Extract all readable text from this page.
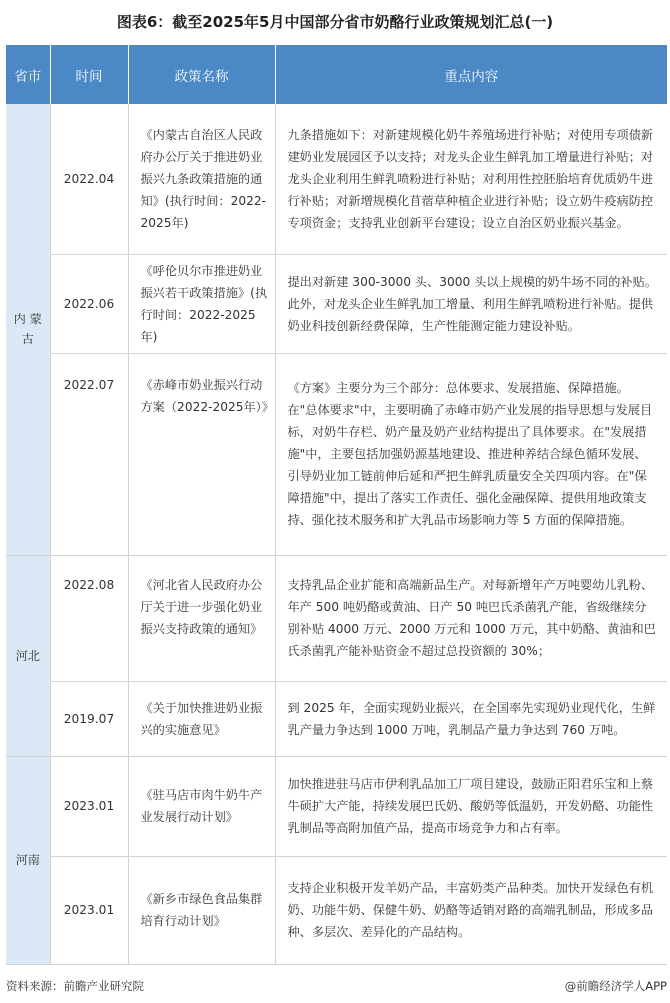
图表6：截至2025年5月中国部分省市奶酪行业政策规划汇总(一)
省市	时间	政策名称	重点内容
内 蒙 古	2022.04	《内蒙古自治区人民政府办公厅关于推进奶业振兴九条政策措施的通知》(执行时间：2022-2025年)	九条措施如下：对新建规模化奶牛养殖场进行补贴；对使用专项债新建奶业发展园区予以支持；对龙头企业生鲜乳加工增量进行补贴；对龙头企业利用生鲜乳喷粉进行补贴；对利用性控胚胎培育优质奶牛进行补贴；对新增规模化苜蓿草种植企业进行补贴；设立奶牛疫病防控专项资金；支持乳业创新平台建设；设立自治区奶业振兴基金。
	2022.06	《呼伦贝尔市推进奶业振兴若干政策措施》(执行时间：2022-2025年)	提出对新建 300-3000 头、3000 头以上规模的奶牛场不同的补贴。此外，对龙头企业生鲜乳加工增量、利用生鲜乳喷粉进行补贴。提供奶业科技创新经费保障，生产性能测定能力建设补贴。
	2022.07	《赤峰市奶业振兴行动方案（2022-2025年）》	《方案》主要分为三个部分：总体要求、发展措施、保障措施。在"总体要求"中，主要明确了赤峰市奶产业发展的指导思想与发展目标，对奶牛存栏、奶产量及奶产业结构提出了具体要求。在"发展措施"中，主要包括加强奶源基地建设、推进种养结合绿色循环发展、引导奶业加工链前伸后延和严把生鲜乳质量安全关四项内容。在"保障措施"中，提出了落实工作责任、强化金融保障、提供用地政策支持、强化技术服务和扩大乳品市场影响力等 5 方面的保障措施。
河北	2022.08	《河北省人民政府办公厅关于进一步强化奶业振兴支持政策的通知》	支持乳品企业扩能和高端新品生产。对每新增年产万吨婴幼儿乳粉、年产 500 吨奶酪或黄油、日产 50 吨巴氏杀菌乳产能，省级继续分别补贴 4000 万元、2000 万元和 1000 万元，其中奶酪、黄油和巴氏杀菌乳产能补贴资金不超过总投资额的 30%；
	2019.07	《关于加快推进奶业振兴的实施意见》	到 2025 年，全面实现奶业振兴，在全国率先实现奶业现代化，生鲜乳产量力争达到 1000 万吨，乳制品产量力争达到 760 万吨。
河南	2023.01	《驻马店市肉牛奶牛产业发展行动计划》	加快推进驻马店市伊利乳品加工厂项目建设，鼓励正阳君乐宝和上蔡牛硕扩大产能，持续发展巴氏奶、酸奶等低温奶，开发奶酪、功能性乳制品等高附加值产品，提高市场竞争力和占有率。
	2023.01	《新乡市绿色食品集群培育行动计划》	支持企业积极开发羊奶产品，丰富奶类产品种类。加快开发绿色有机奶、功能牛奶、保健牛奶、奶酪等适销对路的高端乳制品，形成多品种、多层次、差异化的产品结构。
资料来源：前瞻产业研究院	@前瞻经济学人APP
